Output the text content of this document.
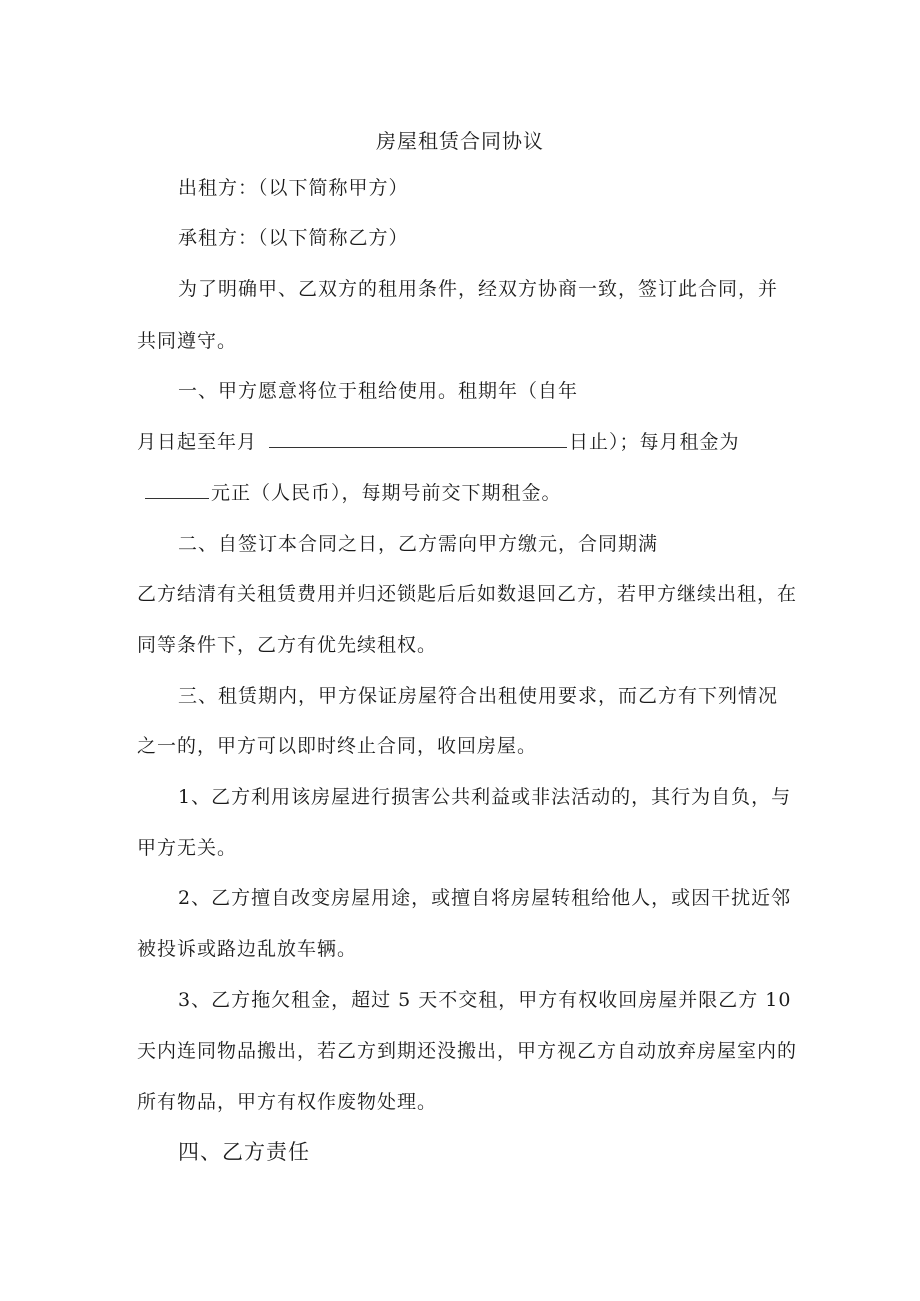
房屋租赁合同协议
出租方：（以下简称甲方）
承租方：（以下简称乙方）
为了明确甲、乙双方的租用条件，经双方协商一致，签订此合同，并
共同遵守。
一、甲方愿意将位于租给使用。租期年（自年
月日起至年月	日止）；每月租金为
元正（人民币），每期号前交下期租金。
二、自签订本合同之日，乙方需向甲方缴元，合同期满
乙方结清有关租赁费用并归还锁匙后后如数退回乙方，若甲方继续出租，在
同等条件下，乙方有优先续租权。
三、租赁期内，甲方保证房屋符合出租使用要求，而乙方有下列情况
之一的，甲方可以即时终止合同，收回房屋。
1、乙方利用该房屋进行损害公共利益或非法活动的，其行为自负，与
甲方无关。
2、乙方擅自改变房屋用途，或擅自将房屋转租给他人，或因干扰近邻
被投诉或路边乱放车辆。
3、乙方拖欠租金，超过 5 天不交租，甲方有权收回房屋并限乙方 10
天内连同物品搬出，若乙方到期还没搬出，甲方视乙方自动放弃房屋室内的
所有物品，甲方有权作废物处理。
四、乙方责任
